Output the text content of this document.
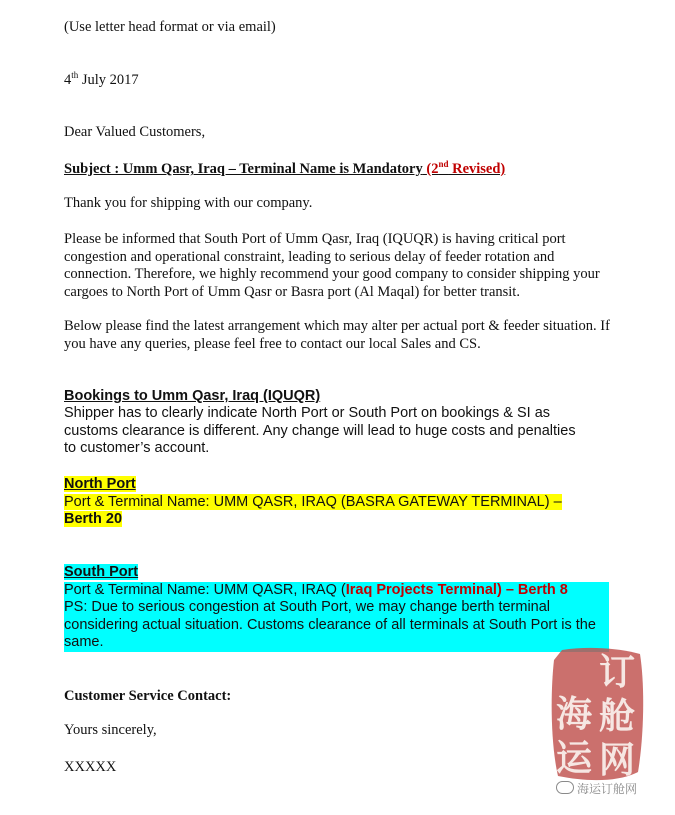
(Use letter head format or via email)
4th July 2017
Dear Valued Customers,
Subject : Umm Qasr, Iraq – Terminal Name is Mandatory (2nd Revised)
Thank you for shipping with our company.

Please be informed that South Port of Umm Qasr, Iraq (IQUQR) is having critical port congestion and operational constraint, leading to serious delay of feeder rotation and connection. Therefore, we highly recommend your good company to consider shipping your cargoes to North Port of Umm Qasr or Basra port (Al Maqal) for better transit.

Below please find the latest arrangement which may alter per actual port & feeder situation. If you have any queries, please feel free to contact our local Sales and CS.

Bookings to Umm Qasr, Iraq (IQUQR)

Shipper has to clearly indicate North Port or South Port on bookings & SI as customs clearance is different. Any change will lead to huge costs and penalties to customer’s account.

North Port
Port & Terminal Name: UMM QASR, IRAQ (BASRA GATEWAY TERMINAL) –
Berth 20
South Port
Port & Terminal Name: UMM QASR, IRAQ (Iraq Projects Terminal) – Berth 8
PS: Due to serious congestion at South Port, we may change berth terminal considering actual situation. Customs clearance of all terminals at South Port is the same.
Customer Service Contact:
Yours sincerely,
XXXXX
订
舱
网
海
运
海运订舱网
